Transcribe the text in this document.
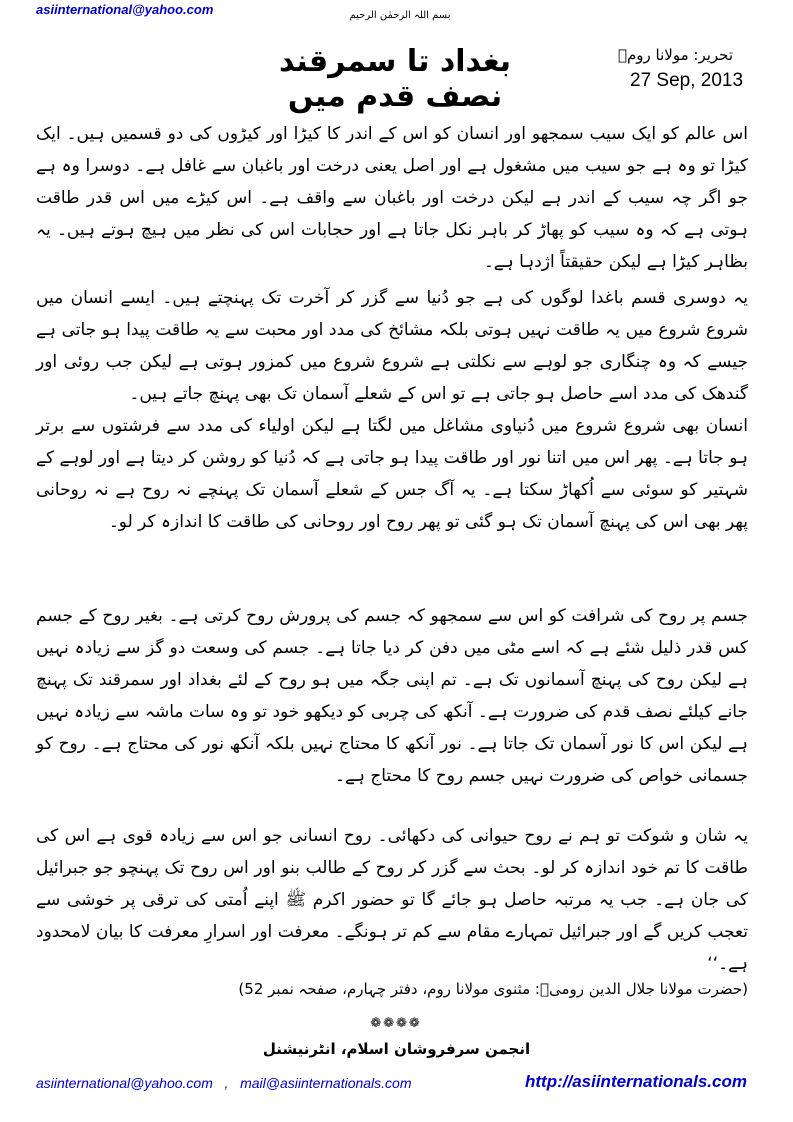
asiinternational@yahoo.com	بسم اللہ الرحمٰن الرحیم
تحریر: مولانا رومؒ
بغداد تا سمرقند نصف قدم میں	27 Sep, 2013
اس عالم کو ایک سیب سمجھو اور انسان کو اس کے اندر کا کیڑا اور کیڑوں کی دو قسمیں ہیں۔ ایک کیڑا تو وہ ہے جو سیب میں مشغول ہے اور اصل یعنی درخت اور باغبان سے غافل ہے۔ دوسرا وہ ہے جو اگر چہ سیب کے اندر ہے لیکن درخت اور باغبان سے واقف ہے۔ اس کیڑے میں اس قدر طاقت ہوتی ہے کہ وہ سیب کو پھاڑ کر باہر نکل جاتا ہے اور حجابات اس کی نظر میں ہیچ ہوتے ہیں۔ یہ بظاہر کیڑا ہے لیکن حقیقتاً اژدہا ہے۔
یہ دوسری قسم باغدا لوگوں کی ہے جو دُنیا سے گزر کر آخرت تک پہنچتے ہیں۔ ایسے انسان میں شروع شروع میں یہ طاقت نہیں ہوتی بلکہ مشائخ کی مدد اور محبت سے یہ طاقت پیدا ہو جاتی ہے جیسے کہ وہ چنگاری جو لوہے سے نکلتی ہے شروع شروع میں کمزور ہوتی ہے لیکن جب روئی اور گندھک کی مدد اسے حاصل ہو جاتی ہے تو اس کے شعلے آسمان تک بھی پہنچ جاتے ہیں۔
انسان بھی شروع شروع میں دُنیاوی مشاغل میں لگتا ہے لیکن اولیاء کی مدد سے فرشتوں سے برتر ہو جاتا ہے۔ پھر اس میں اتنا نور اور طاقت پیدا ہو جاتی ہے کہ دُنیا کو روشن کر دیتا ہے اور لوہے کے شہتیر کو سوئی سے اُکھاڑ سکتا ہے۔ یہ آگ جس کے شعلے آسمان تک پہنچے نہ روح ہے نہ روحانی پھر بھی اس کی پہنچ آسمان تک ہو گئی تو پھر روح اور روحانی کی طاقت کا اندازہ کر لو۔
جسم پر روح کی شرافت کو اس سے سمجھو کہ جسم کی پرورش روح کرتی ہے۔ بغیر روح کے جسم کس قدر ذلیل شئے ہے کہ اسے مٹی میں دفن کر دیا جاتا ہے۔ جسم کی وسعت دو گز سے زیادہ نہیں ہے لیکن روح کی پہنچ آسمانوں تک ہے۔ تم اپنی جگہ میں ہو روح کے لئے بغداد اور سمرقند تک پہنچ جانے کیلئے نصف قدم کی ضرورت ہے۔ آنکھ کی چربی کو دیکھو خود تو وہ سات ماشہ سے زیادہ نہیں ہے لیکن اس کا نور آسمان تک جاتا ہے۔ نور آنکھ کا محتاج نہیں بلکہ آنکھ نور کی محتاج ہے۔ روح کو جسمانی خواص کی ضرورت نہیں جسم روح کا محتاج ہے۔
یہ شان و شوکت تو ہم نے روح حیوانی کی دکھائی۔ روح انسانی جو اس سے زیادہ قوی ہے اس کی طاقت کا تم خود اندازہ کر لو۔ بحث سے گزر کر روح کے طالب بنو اور اس روح تک پہنچو جو جبرائیل کی جان ہے۔ جب یہ مرتبہ حاصل ہو جائے گا تو حضور اکرم ﷺ اپنے اُمتی کی ترقی پر خوشی سے تعجب کریں گے اور جبرائیل تمہارے مقام سے کم تر ہونگے۔ معرفت اور اسرارِ معرفت کا بیان لامحدود ہے۔‘‘
(حضرت مولانا جلال الدین رومیؒ: مثنوی مولانا روم، دفتر چہارم، صفحہ نمبر 52)
❁❁❁❁
انجمن سرفروشان اسلام، انٹرنیشنل
asiinternational@yahoo.com , mail@asiinternationals.com	http://asiinternationals.com
